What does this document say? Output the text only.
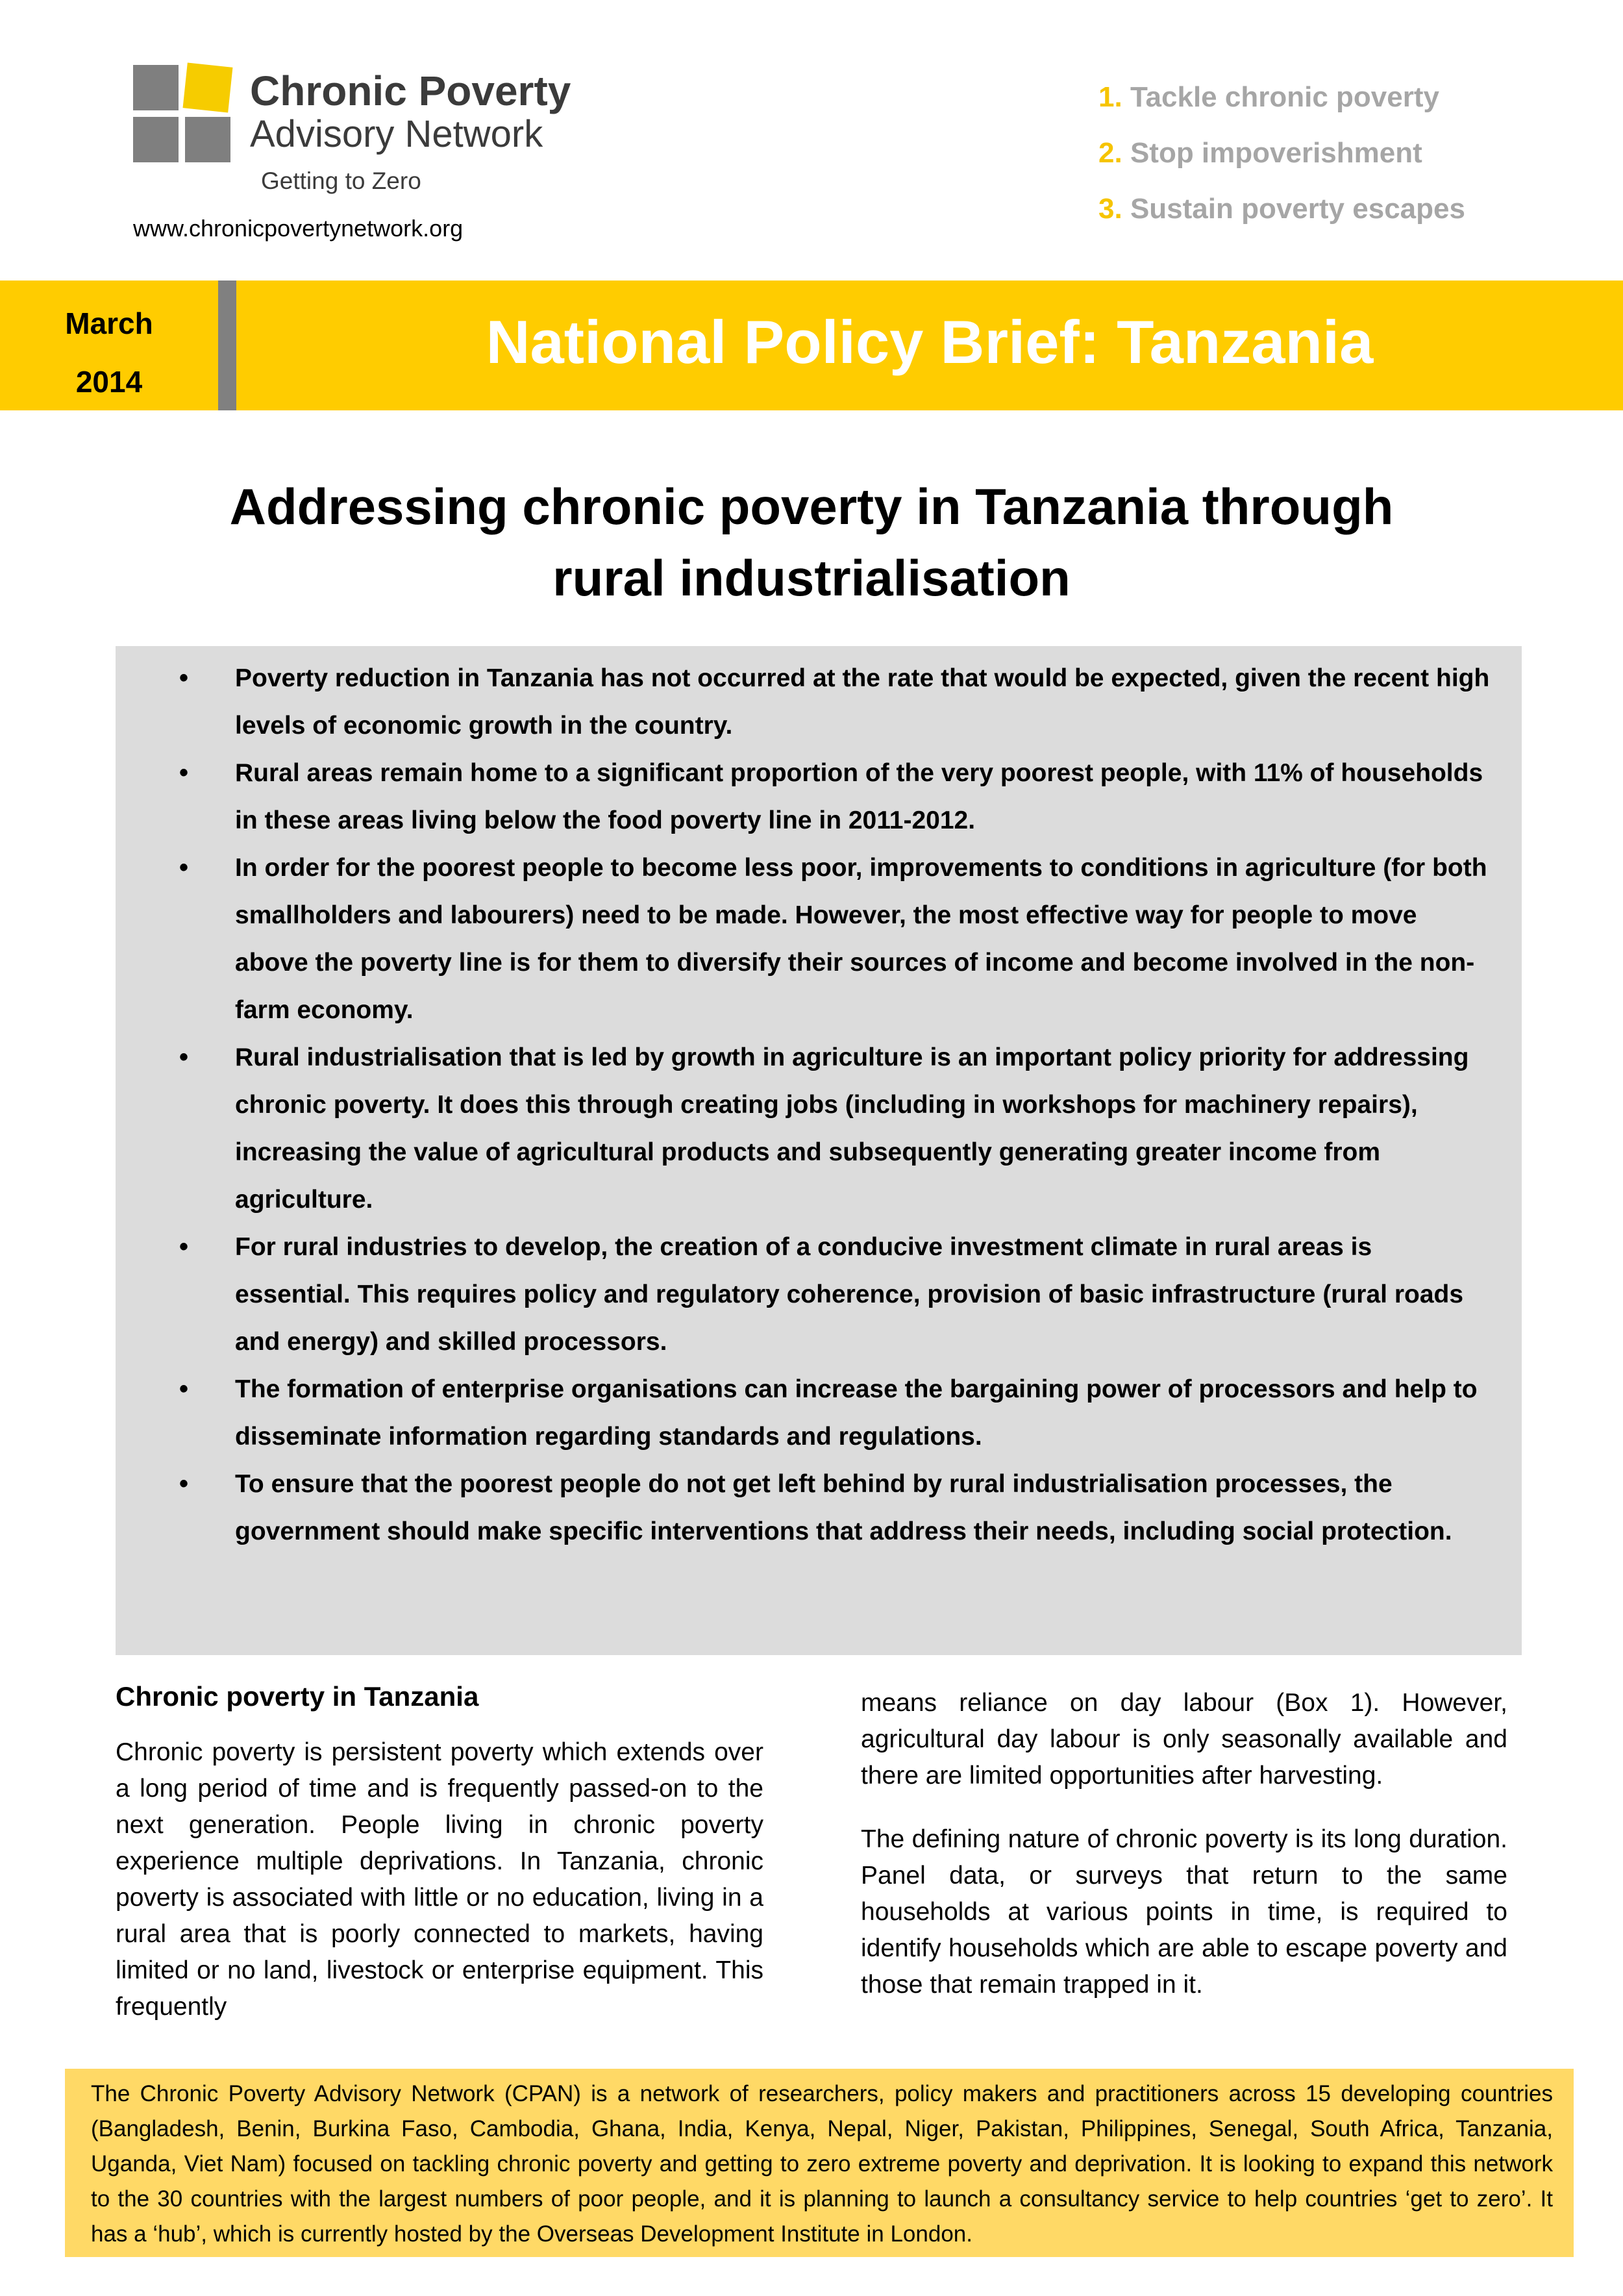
Chronic Poverty
Advisory Network
Getting to Zero
www.chronicpovertynetwork.org
1. Tackle chronic poverty
2. Stop impoverishment
3. Sustain poverty escapes
March
2014
National Policy Brief: Tanzania
Addressing chronic poverty in Tanzania through
rural industrialisation
• Poverty reduction in Tanzania has not occurred at the rate that would be expected, given the recent high levels of economic growth in the country.
• Rural areas remain home to a significant proportion of the very poorest people, with 11% of households in these areas living below the food poverty line in 2011-2012.
• In order for the poorest people to become less poor, improvements to conditions in agriculture (for both smallholders and labourers) need to be made. However, the most effective way for people to move above the poverty line is for them to diversify their sources of income and become involved in the non-farm economy.
• Rural industrialisation that is led by growth in agriculture is an important policy priority for addressing chronic poverty. It does this through creating jobs (including in workshops for machinery repairs), increasing the value of agricultural products and subsequently generating greater income from agriculture.
• For rural industries to develop, the creation of a conducive investment climate in rural areas is essential. This requires policy and regulatory coherence, provision of basic infrastructure (rural roads and energy) and skilled processors.
• The formation of enterprise organisations can increase the bargaining power of processors and help to disseminate information regarding standards and regulations.
• To ensure that the poorest people do not get left behind by rural industrialisation processes, the government should make specific interventions that address their needs, including social protection.
Chronic poverty in Tanzania

Chronic poverty is persistent poverty which extends over a long period of time and is frequently passed-on to the next generation. People living in chronic poverty experience multiple deprivations. In Tanzania, chronic poverty is associated with little or no education, living in a rural area that is poorly connected to markets, having limited or no land, livestock or enterprise equipment. This frequently

means reliance on day labour (Box 1). However, agricultural day labour is only seasonally available and there are limited opportunities after harvesting.

The defining nature of chronic poverty is its long duration. Panel data, or surveys that return to the same households at various points in time, is required to identify households which are able to escape poverty and those that remain trapped in it.

The Chronic Poverty Advisory Network (CPAN) is a network of researchers, policy makers and practitioners across 15 developing countries (Bangladesh, Benin, Burkina Faso, Cambodia, Ghana, India, Kenya, Nepal, Niger, Pakistan, Philippines, Senegal, South Africa, Tanzania, Uganda, Viet Nam) focused on tackling chronic poverty and getting to zero extreme poverty and deprivation. It is looking to expand this network to the 30 countries with the largest numbers of poor people, and it is planning to launch a consultancy service to help countries ‘get to zero’. It has a ‘hub’, which is currently hosted by the Overseas Development Institute in London.
